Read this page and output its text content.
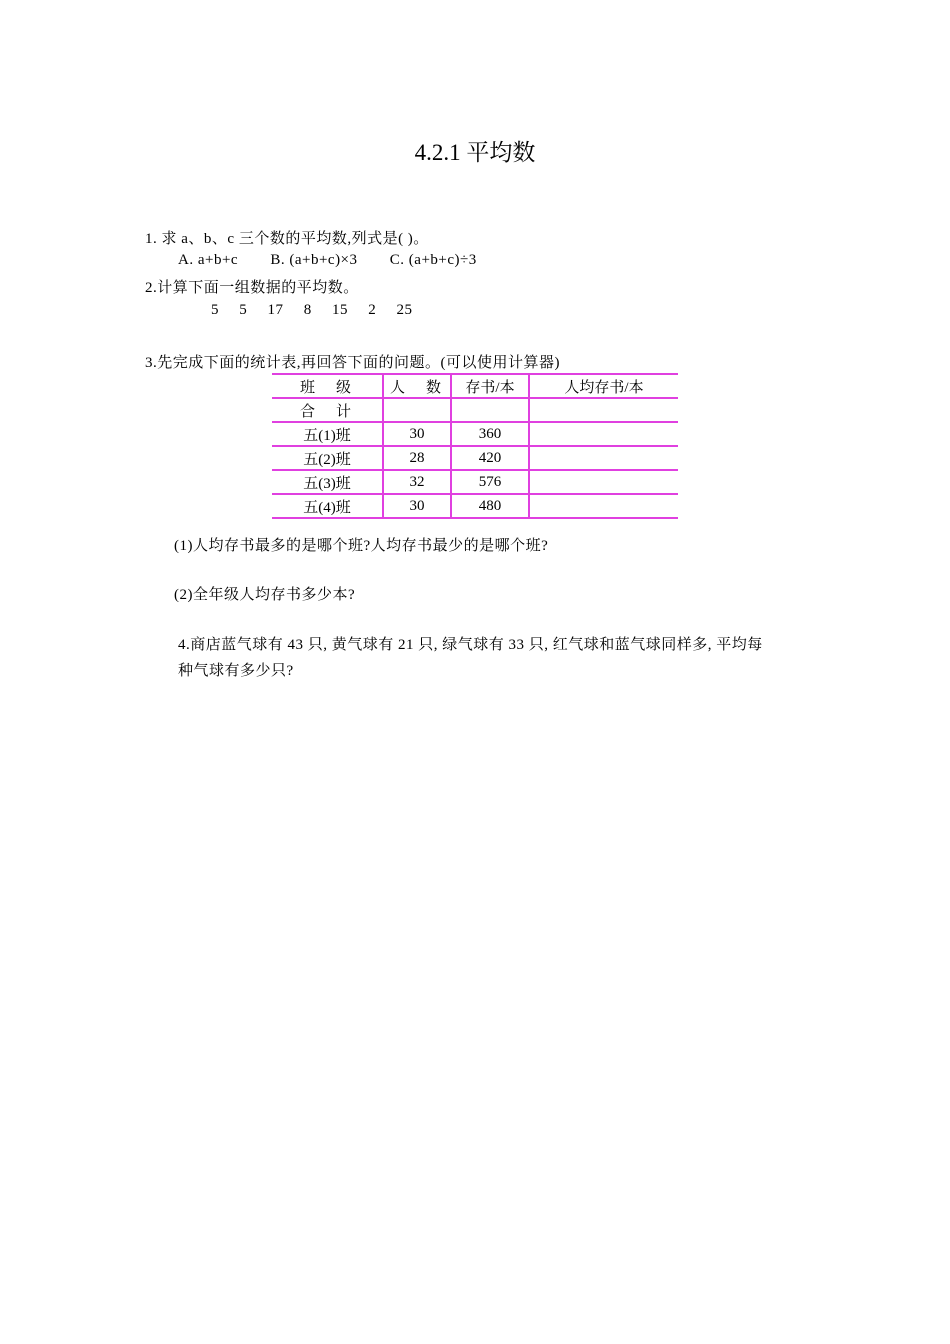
4.2.1 平均数
1. 求 a、b、c 三个数的平均数,列式是( )。
A. a+b+c B. (a+b+c)×3 C. (a+b+c)÷3
2.计算下面一组数据的平均数。
5 5 17 8 15 2 25
3.先完成下面的统计表,再回答下面的问题。(可以使用计算器)
班　级	人　数	存书/本	人均存书/本
合　计			
五(1)班	30	360	
五(2)班	28	420	
五(3)班	32	576	
五(4)班	30	480	
(1)人均存书最多的是哪个班?人均存书最少的是哪个班?
(2)全年级人均存书多少本?
4.商店蓝气球有 43 只, 黄气球有 21 只, 绿气球有 33 只, 红气球和蓝气球同样多, 平均每
种气球有多少只?
